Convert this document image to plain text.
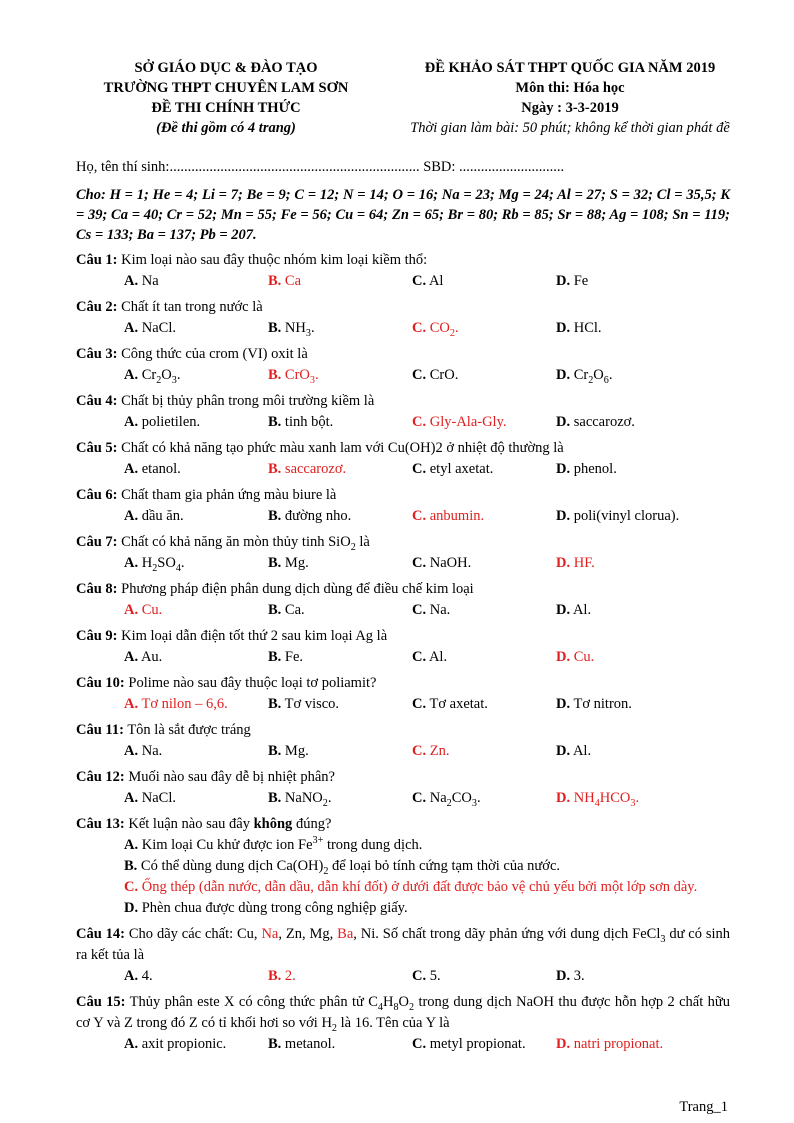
SỞ GIÁO DỤC & ĐÀO TẠO
TRƯỜNG THPT CHUYÊN LAM SƠN
ĐỀ THI CHÍNH THỨC
(Đề thi gồm có 4 trang)
ĐỀ KHẢO SÁT THPT QUỐC GIA NĂM 2019
Môn thi: Hóa học
Ngày : 3-3-2019
Thời gian làm bài: 50 phút; không kể thời gian phát đề
Họ, tên thí sinh:..................................................................... SBD: .............................
Cho: H = 1; He = 4; Li = 7; Be = 9; C = 12; N = 14; O = 16; Na = 23; Mg = 24; Al = 27; S = 32; Cl = 35,5; K = 39; Ca = 40; Cr = 52; Mn = 55; Fe = 56; Cu = 64; Zn = 65; Br = 80; Rb = 85; Sr = 88; Ag = 108; Sn = 119; Cs = 133; Ba = 137; Pb = 207.
Câu 1: Kim loại nào sau đây thuộc nhóm kim loại kiềm thổ:
A. Na	B. Ca	C. Al	D. Fe
Câu 2: Chất ít tan trong nước là
A. NaCl.	B. $NH_3$.	C. $CO_2$.	D. HCl.
Câu 3: Công thức của crom (VI) oxit là
A. $Cr_2O_3$.	B. CrO$_3$.	C. CrO.	D. $Cr_2O_6$.
Câu 4: Chất bị thủy phân trong môi trường kiềm là
A. polietilen.	B. tinh bột.	C. Gly-Ala-Gly.	D. saccarozơ.
Câu 5: Chất có khả năng tạo phức màu xanh lam với Cu(OH)2 ở nhiệt độ thường là
A. etanol.	B. saccarozơ.	C. etyl axetat.	D. phenol.
Câu 6: Chất tham gia phản ứng màu biure là
A. dầu ăn.	B. đường nho.	C. anbumin.	D. poli(vinyl clorua).
Câu 7: Chất có khả năng ăn mòn thủy tinh SiO$_2$ là
A. $H_2SO_4$.	B. Mg.	C. NaOH.	D. HF.
Câu 8: Phương pháp điện phân dung dịch dùng để điều chế kim loại
A. Cu.	B. Ca.	C. Na.	D. Al.
Câu 9: Kim loại dẫn điện tốt thứ 2 sau kim loại Ag là
A. Au.	B. Fe.	C. Al.	D. Cu.
Câu 10: Polime nào sau đây thuộc loại tơ poliamit?
A. Tơ nilon – 6,6.	B. Tơ visco.	C. Tơ axetat.	D. Tơ nitron.
Câu 11: Tôn là sắt được tráng
A. Na.	B. Mg.	C. Zn.	D. Al.
Câu 12: Muối nào sau đây dễ bị nhiệt phân?
A. NaCl.	B. NaNO$_2$.	C. $Na_2CO_3$.	D. $NH_4HCO_3$.
Câu 13: Kết luận nào sau đây không đúng?
A. Kim loại Cu khử được ion $Fe^{3+}$ trong dung dịch.
B. Có thể dùng dung dịch $Ca(OH)_2$ để loại bỏ tính cứng tạm thời của nước.
C. Ống thép (dẫn nước, dẫn dầu, dẫn khí đốt) ở dưới đất được bảo vệ chủ yếu bởi một lớp sơn dày.
D. Phèn chua được dùng trong công nghiệp giấy.
Câu 14: Cho dãy các chất: Cu, Na, Zn, Mg, Ba, Ni. Số chất trong dãy phản ứng với dung dịch FeCl$_3$ dư có sinh ra kết tủa là
A. 4.	B. 2.	C. 5.	D. 3.
Câu 15: Thủy phân este X có công thức phân tử $C_4H_8O_2$ trong dung dịch NaOH thu được hỗn hợp 2 chất hữu cơ Y và Z trong đó Z có tỉ khối hơi so với $H_2$ là 16. Tên của Y là
A. axit propionic.	B. metanol.	C. metyl propionat.	D. natri propionat.
Trang_1
